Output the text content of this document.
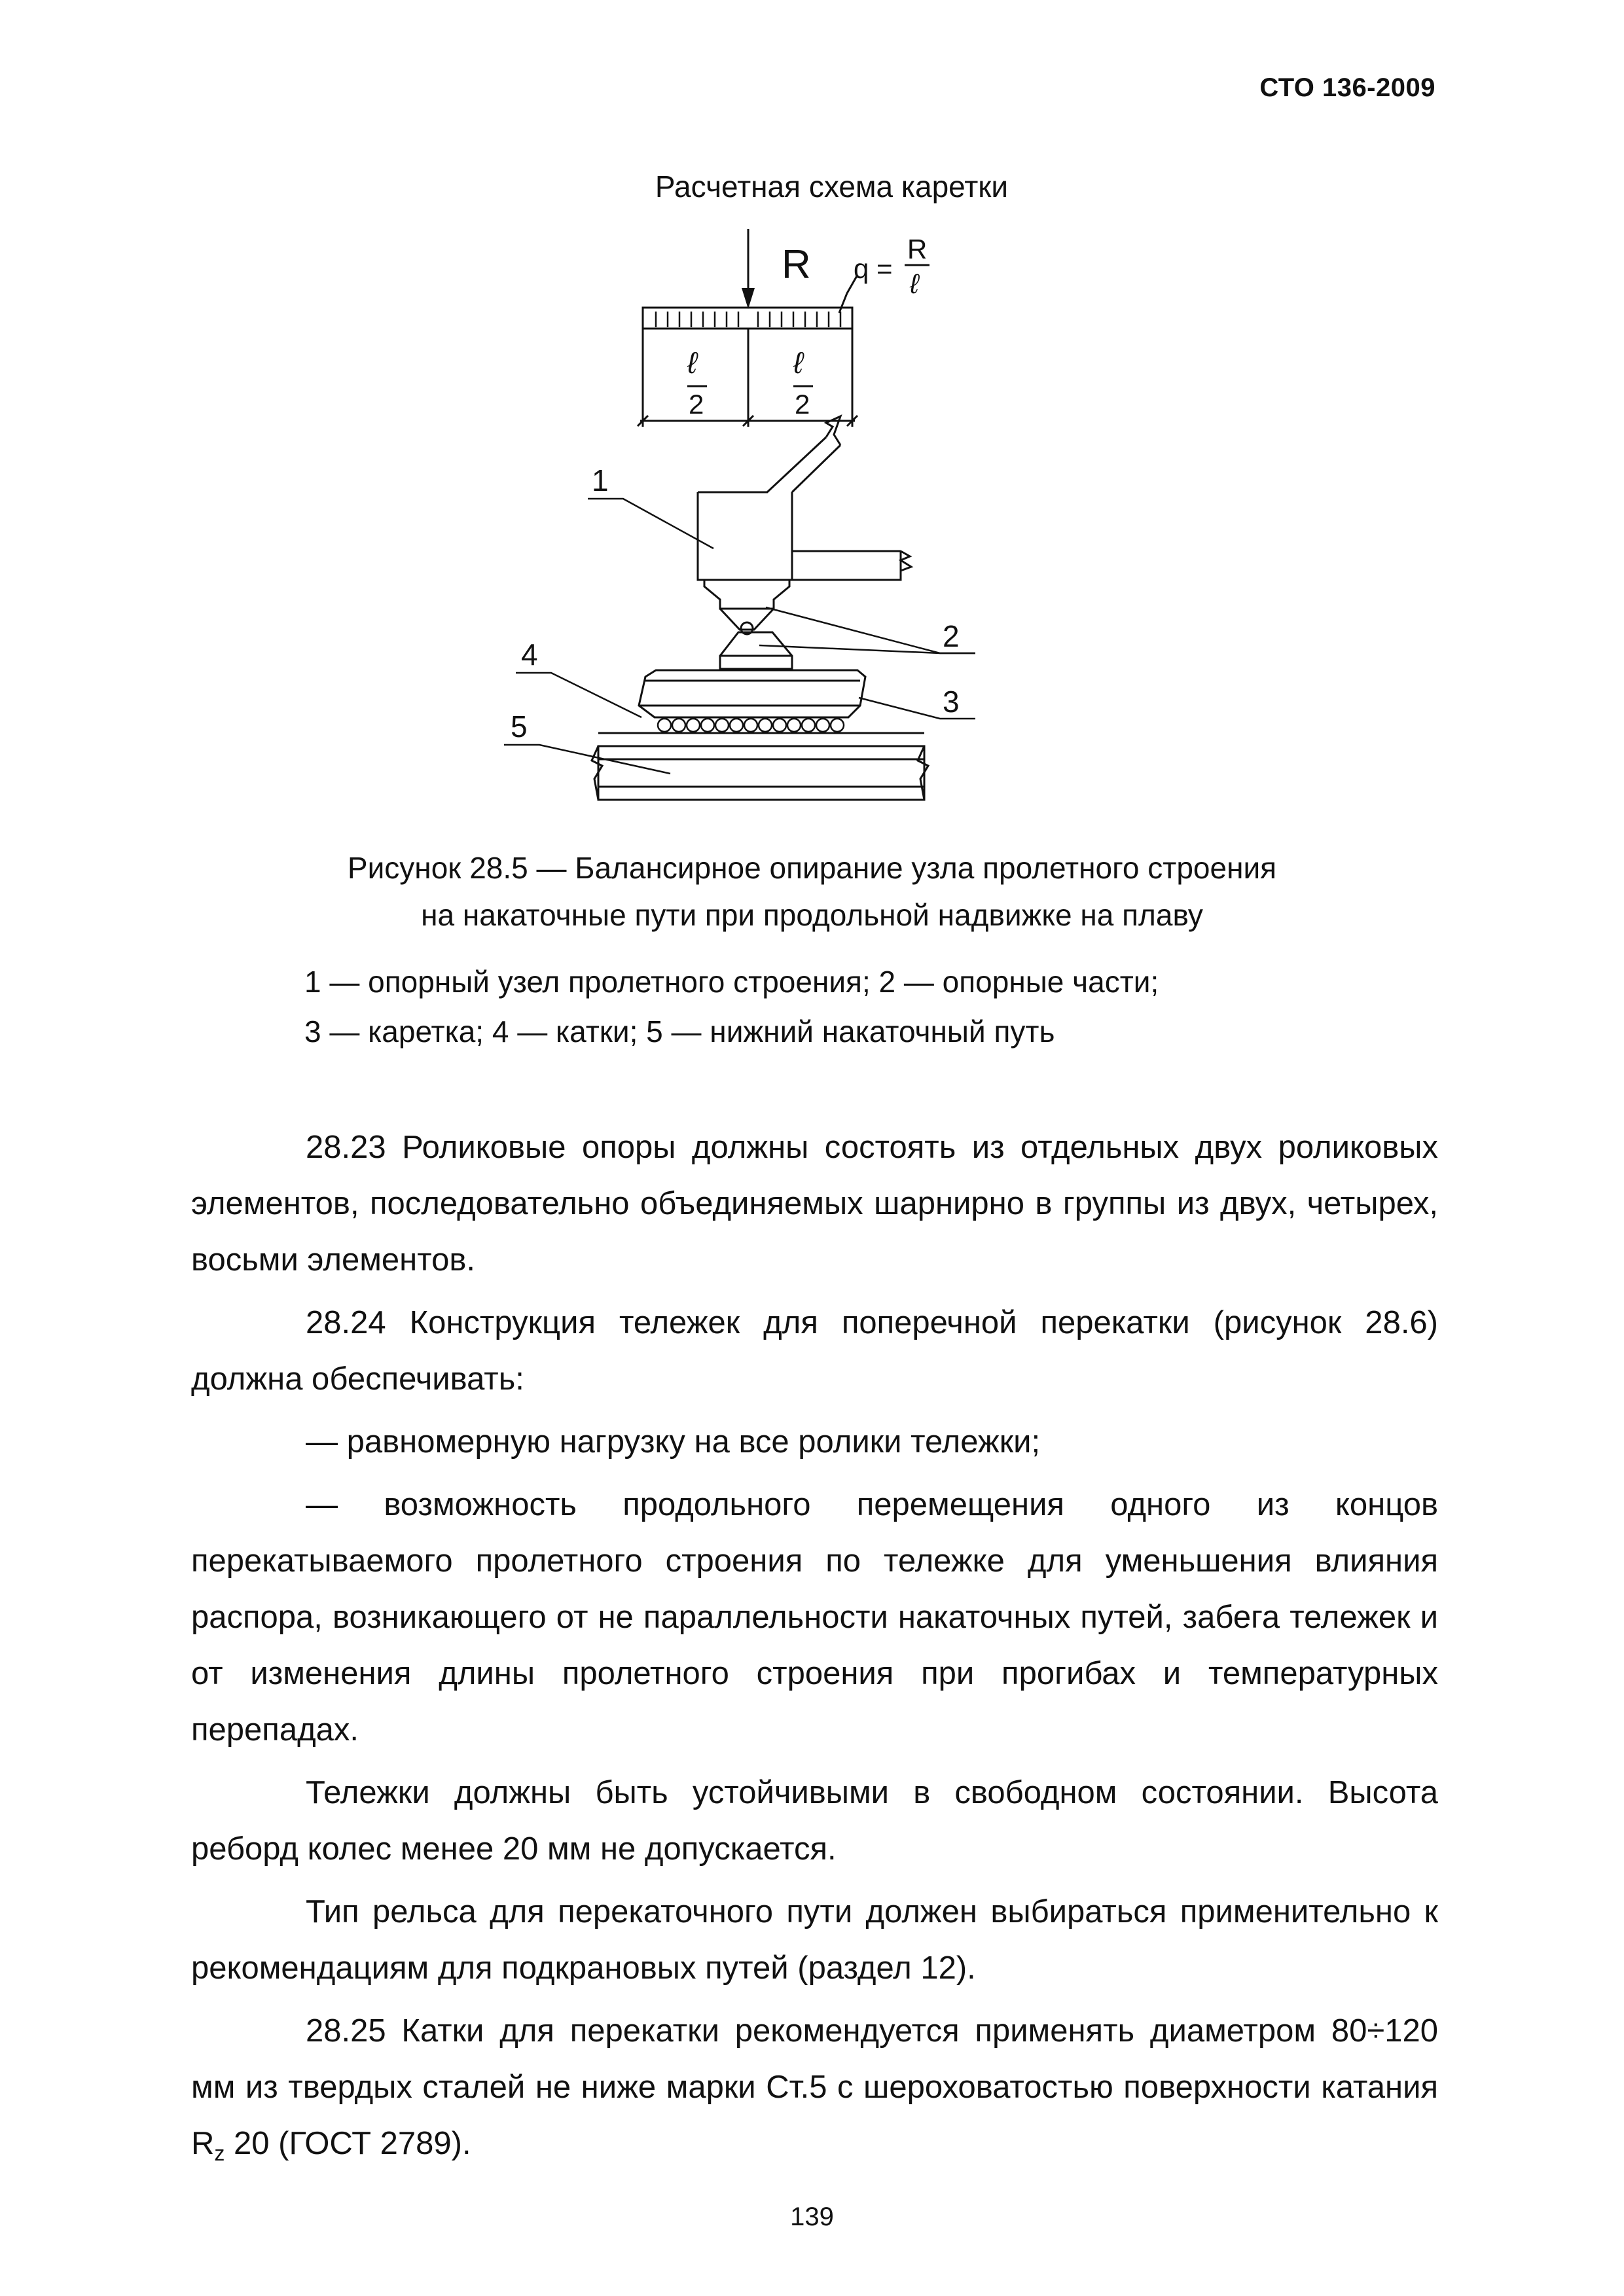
СТО 136-2009
Расчетная схема каретки
R q =
R
ℓ
ℓ
2
ℓ
2
1
2
3
4
5
Рисунок 28.5 — Балансирное опирание узла пролетного строения
на накаточные пути при продольной надвижке на плаву
1 — опорный узел пролетного строения; 2 — опорные части;
3 — каретка; 4 — катки; 5 — нижний накаточный путь

28.23 Роликовые опоры должны состоять из отдельных двух роликовых элементов, последовательно объединяемых шарнирно в группы из двух, четырех, восьми элементов.

28.24 Конструкция тележек для поперечной перекатки (рисунок 28.6) должна обеспечивать:

— равномерную нагрузку на все ролики тележки;

— возможность продольного перемещения одного из концов перекатываемого пролетного строения по тележке для уменьшения влияния распора, возникающего от не параллельности накаточных путей, забега тележек и от изменения длины пролетного строения при прогибах и температурных перепадах.

Тележки должны быть устойчивыми в свободном состоянии. Высота реборд колес менее 20 мм не допускается.

Тип рельса для перекаточного пути должен выбираться применительно к рекомендациям для подкрановых путей (раздел 12).

28.25 Катки для перекатки рекомендуется применять диаметром 80÷120 мм из твердых сталей не ниже марки Ст.5 с шероховатостью поверхности катания $R_z$ 20 (ГОСТ 2789).

139
